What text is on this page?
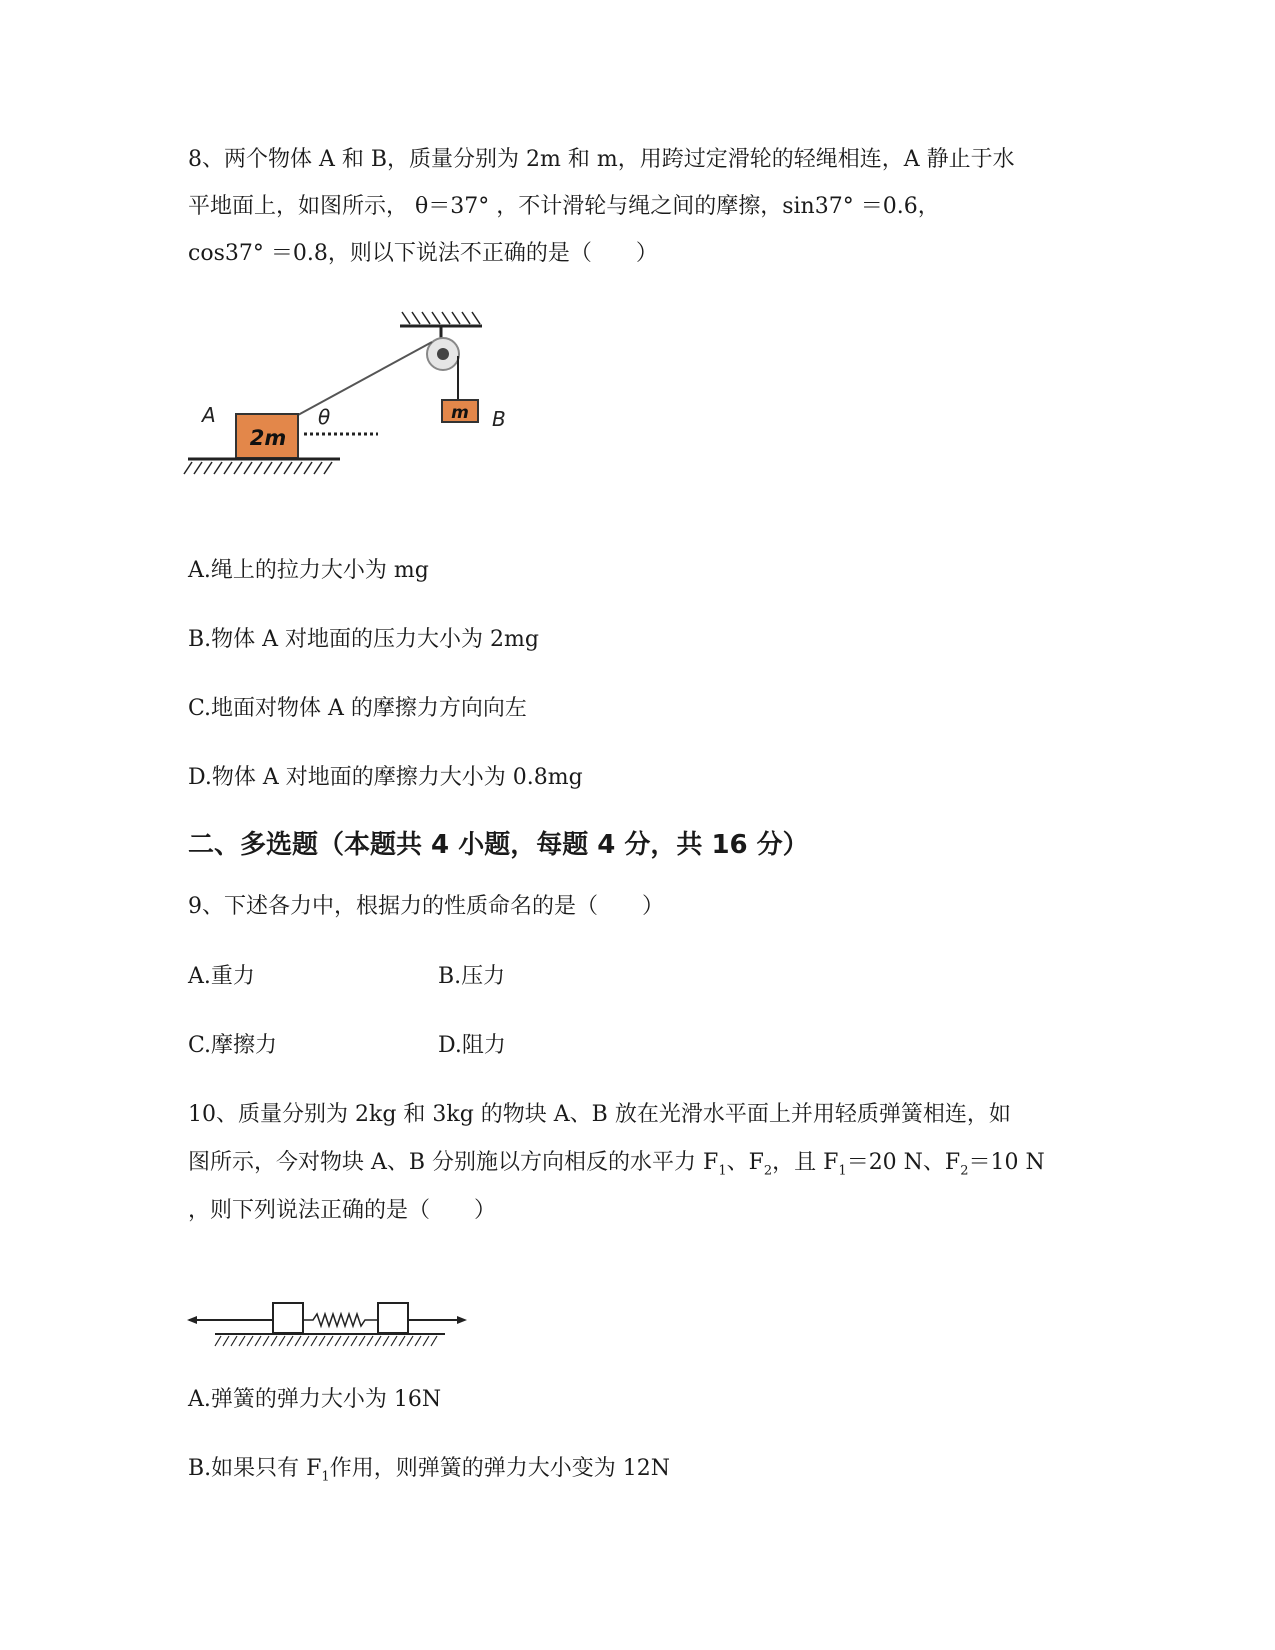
8、两个物体 A 和 B，质量分别为 2m 和 m，用跨过定滑轮的轻绳相连，A 静止于水
平地面上，如图所示， θ＝37° ，不计滑轮与绳之间的摩擦，sin37° ＝0.6，
cos37° ＝0.8，则以下说法不正确的是（　　）
m B
2m
A	θ
A.绳上的拉力大小为 mg
B.物体 A 对地面的压力大小为 2mg
C.地面对物体 A 的摩擦力方向向左
D.物体 A 对地面的摩擦力大小为 0.8mg
二、多选题（本题共 4 小题，每题 4 分，共 16 分）
9、下述各力中，根据力的性质命名的是（　　）
A.重力	B.压力
C.摩擦力	D.阻力
10、质量分别为 2kg 和 3kg 的物块 A、B 放在光滑水平面上并用轻质弹簧相连，如
图所示，今对物块 A、B 分别施以方向相反的水平力 $F_1$、$F_2$，且 $F_1=20$ N、$F_2=10$ N
，则下列说法正确的是（　　）
A.弹簧的弹力大小为 16N
B.如果只有 $F_1$作用，则弹簧的弹力大小变为 12N
